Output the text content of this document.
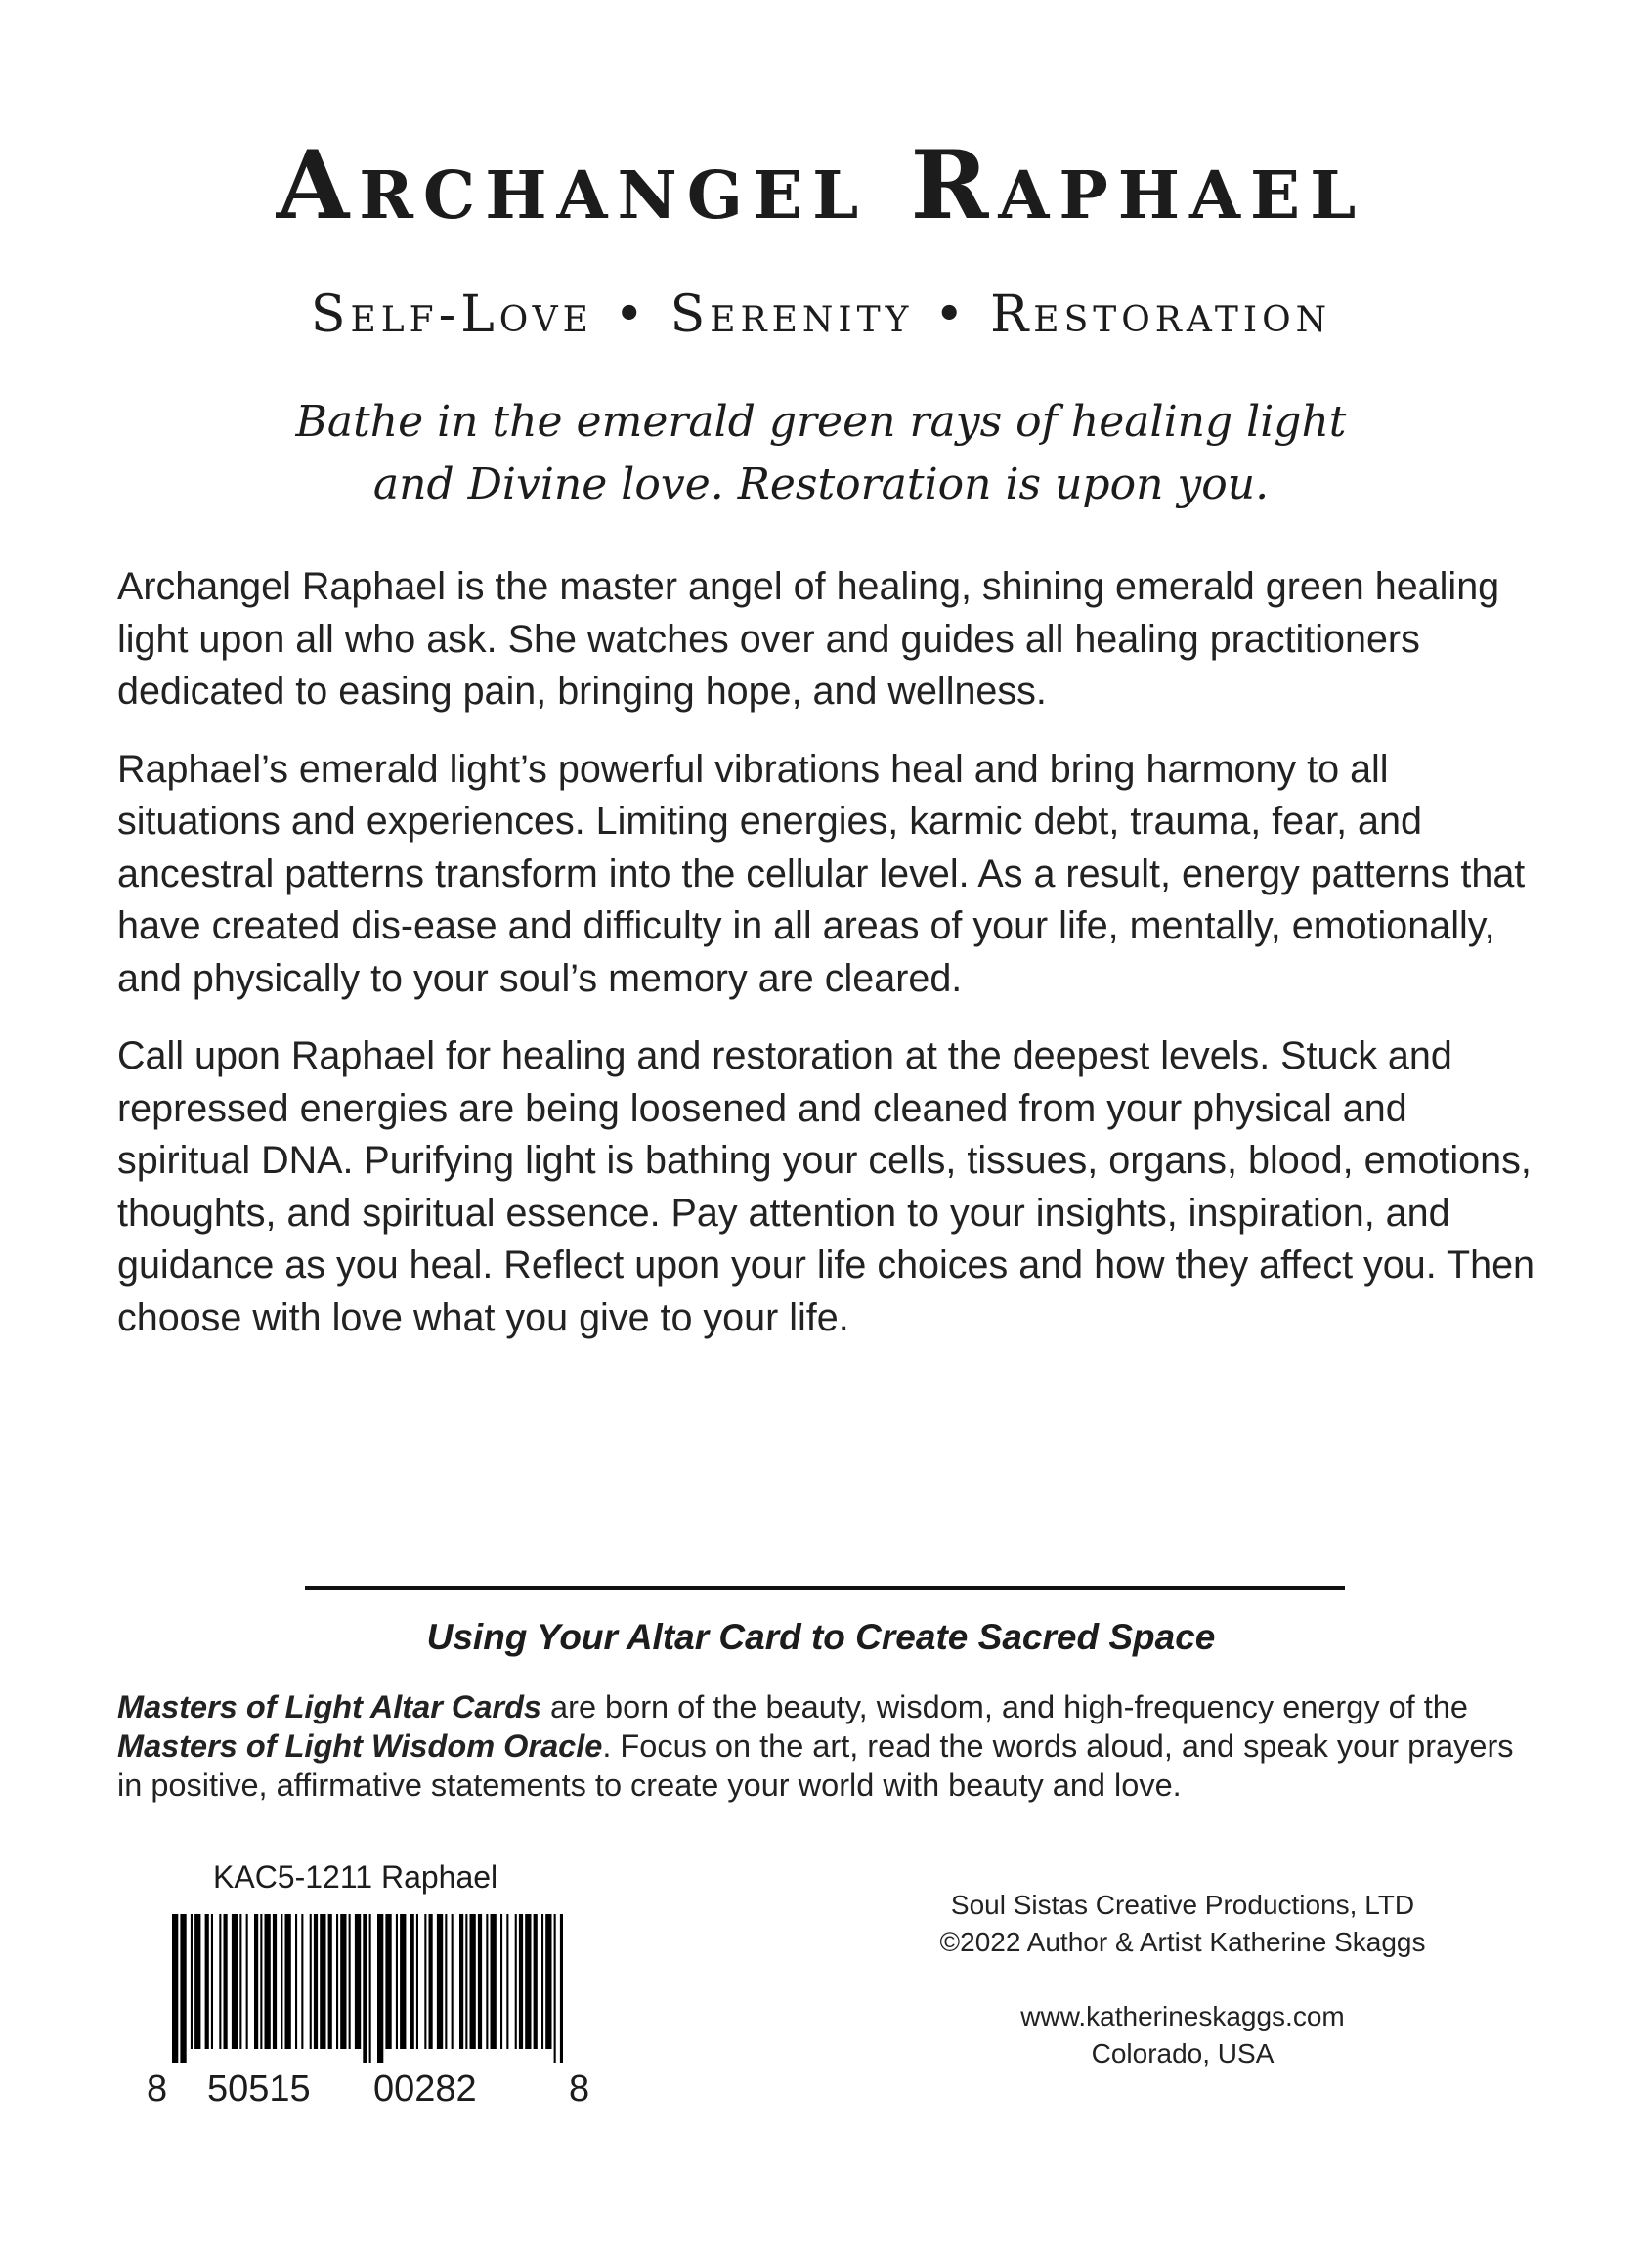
Archangel Raphael
Self-Love • Serenity • Restoration
Bathe in the emerald green rays of healing light
and Divine love. Restoration is upon you.

Archangel Raphael is the master angel of healing, shining emerald green healing light upon all who ask. She watches over and guides all healing practitioners dedicated to easing pain, bringing hope, and wellness.

Raphael’s emerald light’s powerful vibrations heal and bring harmony to all situations and experiences. Limiting energies, karmic debt, trauma, fear, and ancestral patterns transform into the cellular level. As a result, energy patterns that have created dis-ease and difficulty in all areas of your life, mentally, emotionally, and physically to your soul’s memory are cleared.

Call upon Raphael for healing and restoration at the deepest levels. Stuck and repressed energies are being loosened and cleaned from your physical and spiritual DNA. Purifying light is bathing your cells, tissues, organs, blood, emotions, thoughts, and spiritual essence. Pay attention to your insights, inspiration, and guidance as you heal. Reflect upon your life choices and how they affect you. Then choose with love what you give to your life.

Using Your Altar Card to Create Sacred Space
Masters of Light Altar Cards are born of the beauty, wisdom, and high-frequency energy of the Masters of Light Wisdom Oracle. Focus on the art, read the words aloud, and speak your prayers in positive, affirmative statements to create your world with beauty and love.
KAC5-1211 Raphael
8 50515 00282 8
Soul Sistas Creative Productions, LTD
©2022 Author & Artist Katherine Skaggs
www.katherineskaggs.com
Colorado, USA
